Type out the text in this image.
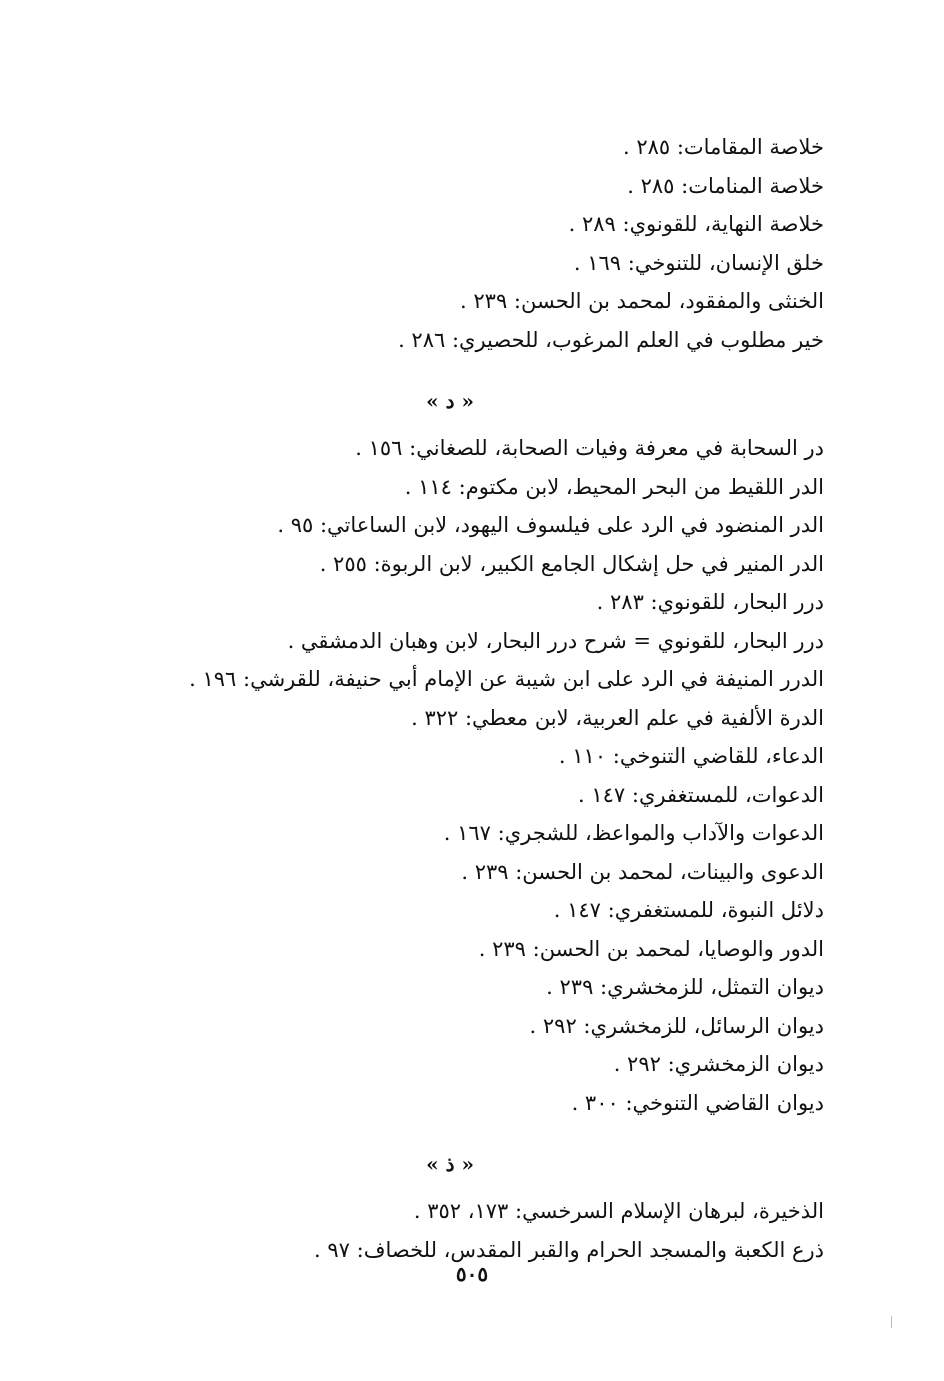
خلاصة المقامات: ٢٨٥ .
خلاصة المنامات: ٢٨٥ .
خلاصة النهاية، للقونوي: ٢٨٩ .
خلق الإنسان، للتنوخي: ١٦٩ .
الخنثى والمفقود، لمحمد بن الحسن: ٢٣٩ .
خير مطلوب في العلم المرغوب، للحصيري: ٢٨٦ .
« د »
در السحابة في معرفة وفيات الصحابة، للصغاني: ١٥٦ .
الدر اللقيط من البحر المحيط، لابن مكتوم: ١١٤ .
الدر المنضود في الرد على فيلسوف اليهود، لابن الساعاتي: ٩٥ .
الدر المنير في حل إشكال الجامع الكبير، لابن الربوة: ٢٥٥ .
درر البحار، للقونوي: ٢٨٣ .
درر البحار، للقونوي = شرح درر البحار، لابن وهبان الدمشقي .
الدرر المنيفة في الرد على ابن شيبة عن الإمام أبي حنيفة، للقرشي: ١٩٦ .
الدرة الألفية في علم العربية، لابن معطي: ٣٢٢ .
الدعاء، للقاضي التنوخي: ١١٠ .
الدعوات، للمستغفري: ١٤٧ .
الدعوات والآداب والمواعظ، للشجري: ١٦٧ .
الدعوى والبينات، لمحمد بن الحسن: ٢٣٩ .
دلائل النبوة، للمستغفري: ١٤٧ .
الدور والوصايا، لمحمد بن الحسن: ٢٣٩ .
ديوان التمثل، للزمخشري: ٢٣٩ .
ديوان الرسائل، للزمخشري: ٢٩٢ .
ديوان الزمخشري: ٢٩٢ .
ديوان القاضي التنوخي: ٣٠٠ .
« ذ »
الذخيرة، لبرهان الإسلام السرخسي: ١٧٣، ٣٥٢ .
ذرع الكعبة والمسجد الحرام والقبر المقدس، للخصاف: ٩٧ .
٥٠٥
